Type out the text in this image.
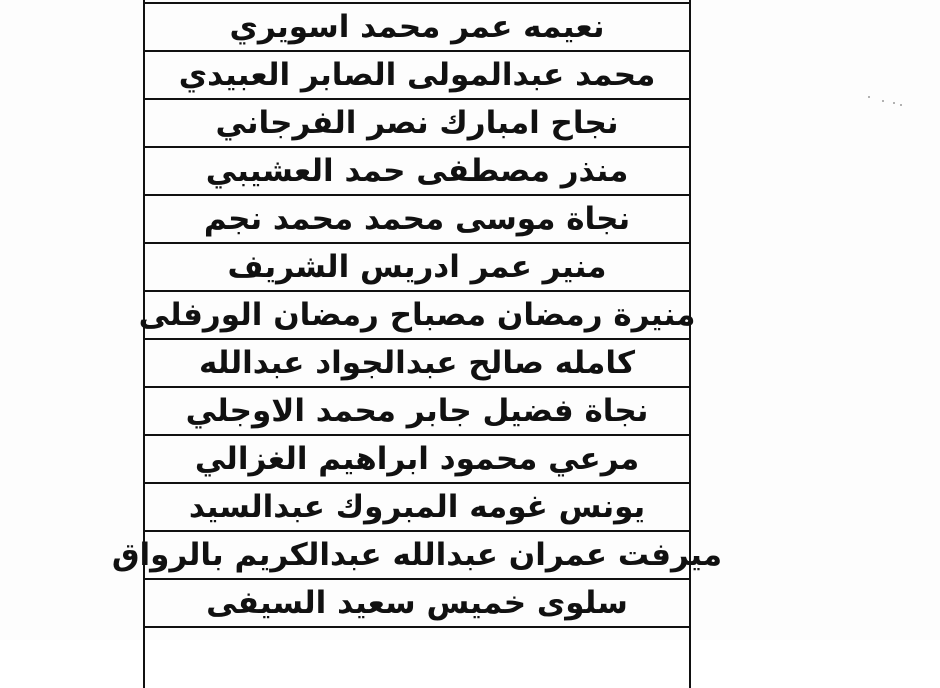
نعيمه عمر محمد اسويري
محمد عبدالمولى الصابر العبيدي
نجاح امبارك نصر الفرجاني
منذر مصطفى حمد العشيبي
نجاة موسى محمد محمد نجم
منير عمر ادريس الشريف
منيرة رمضان مصباح رمضان الورفلى
كامله صالح عبدالجواد عبدالله
نجاة فضيل جابر محمد الاوجلي
مرعي محمود ابراهيم الغزالي
يونس غومه المبروك عبدالسيد
ميرفت عمران عبدالله عبدالكريم بالرواق
سلوى خميس سعيد السيفى
